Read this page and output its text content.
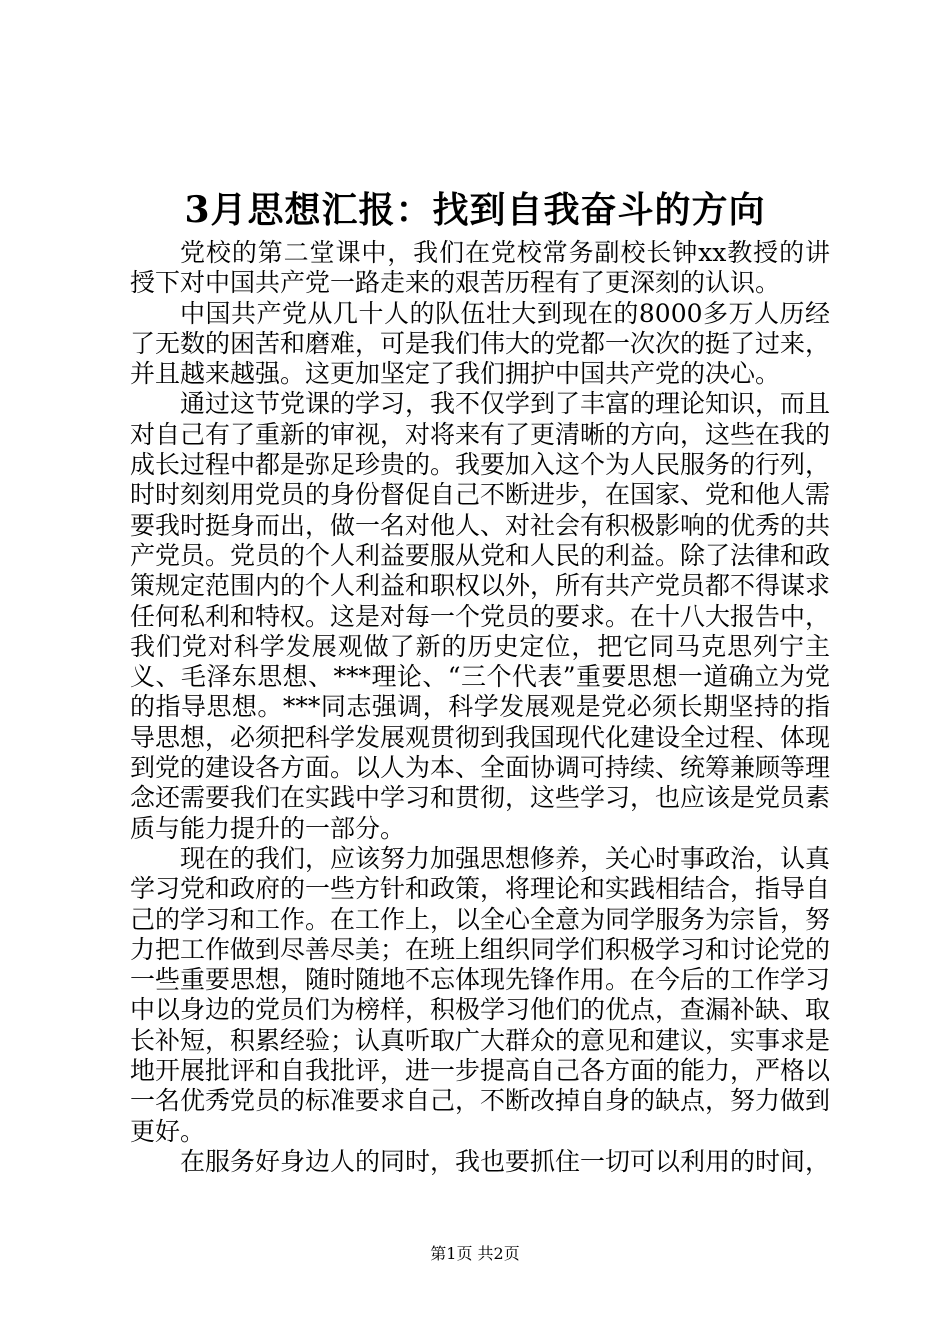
3月思想汇报：找到自我奋斗的方向

党校的第二堂课中，我们在党校常务副校长钟xx教授的讲授下对中国共产党一路走来的艰苦历程有了更深刻的认识。

中国共产党从几十人的队伍壮大到现在的8000多万人历经了无数的困苦和磨难，可是我们伟大的党都一次次的挺了过来，并且越来越强。这更加坚定了我们拥护中国共产党的决心。

通过这节党课的学习，我不仅学到了丰富的理论知识，而且对自己有了重新的审视，对将来有了更清晰的方向，这些在我的成长过程中都是弥足珍贵的。我要加入这个为人民服务的行列，时时刻刻用党员的身份督促自己不断进步，在国家、党和他人需要我时挺身而出，做一名对他人、对社会有积极影响的优秀的共产党员。党员的个人利益要服从党和人民的利益。除了法律和政策规定范围内的个人利益和职权以外，所有共产党员都不得谋求任何私利和特权。这是对每一个党员的要求。在十八大报告中，我们党对科学发展观做了新的历史定位，把它同马克思列宁主义、毛泽东思想、***理论、“三个代表”重要思想一道确立为党的指导思想。***同志强调，科学发展观是党必须长期坚持的指导思想，必须把科学发展观贯彻到我国现代化建设全过程、体现到党的建设各方面。以人为本、全面协调可持续、统筹兼顾等理念还需要我们在实践中学习和贯彻，这些学习，也应该是党员素质与能力提升的一部分。

现在的我们，应该努力加强思想修养，关心时事政治，认真学习党和政府的一些方针和政策，将理论和实践相结合，指导自己的学习和工作。在工作上，以全心全意为同学服务为宗旨，努力把工作做到尽善尽美；在班上组织同学们积极学习和讨论党的一些重要思想，随时随地不忘体现先锋作用。在今后的工作学习中以身边的党员们为榜样，积极学习他们的优点，查漏补缺、取长补短，积累经验；认真听取广大群众的意见和建议，实事求是地开展批评和自我批评，进一步提高自己各方面的能力，严格以一名优秀党员的标准要求自己，不断改掉自身的缺点，努力做到更好。

在服务好身边人的同时，我也要抓住一切可以利用的时间，

第1页 共2页
